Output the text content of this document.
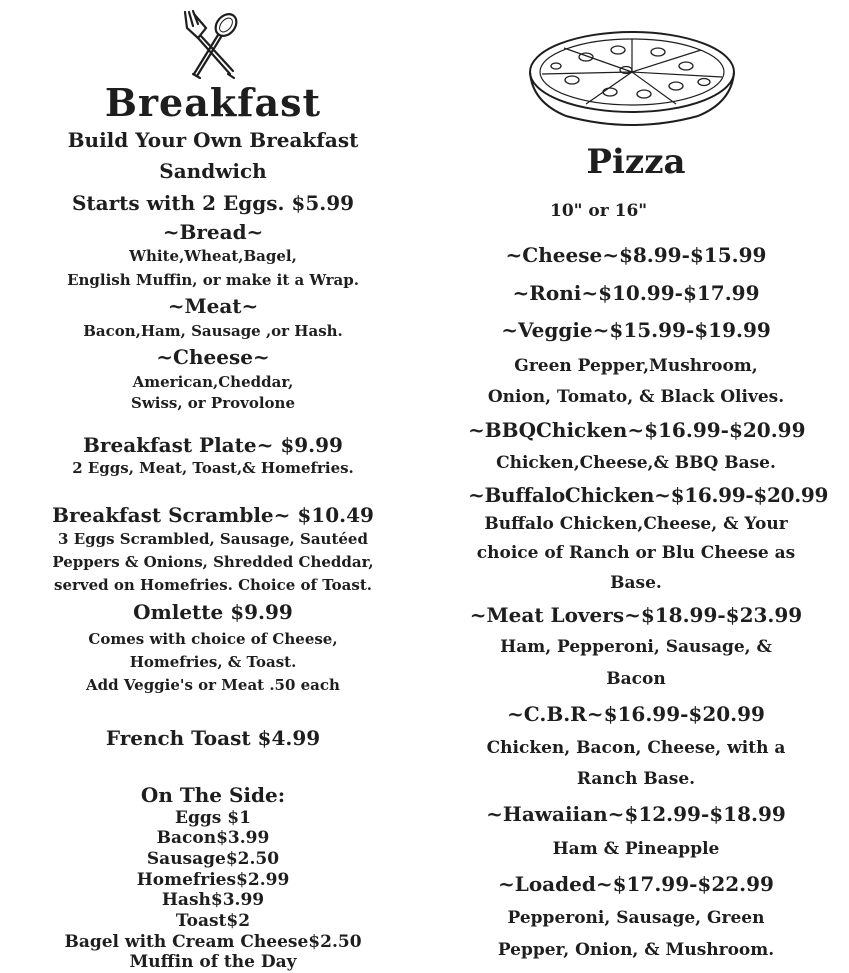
Breakfast
Build Your Own Breakfast
Sandwich
Starts with 2 Eggs. $5.99
~Bread~
White,Wheat,Bagel,
English Muffin, or make it a Wrap.
~Meat~
Bacon,Ham, Sausage ,or Hash.
~Cheese~
American,Cheddar,
Swiss, or Provolone
Breakfast Plate~ $9.99
2 Eggs, Meat, Toast,& Homefries.
Breakfast Scramble~ $10.49
3 Eggs Scrambled, Sausage, Sautéed
Peppers & Onions, Shredded Cheddar,
served on Homefries. Choice of Toast.
Omlette $9.99
Comes with choice of Cheese,
Homefries, & Toast.
Add Veggie's or Meat .50 each
French Toast $4.99
On The Side:
Eggs $1
Bacon$3.99
Sausage$2.50
Homefries$2.99
Hash$3.99
Toast$2
Bagel with Cream Cheese$2.50
Muffin of the Day
Pizza
10" or 16"
~Cheese~$8.99-$15.99
~Roni~$10.99-$17.99
~Veggie~$15.99-$19.99
Green Pepper,Mushroom,
Onion, Tomato, & Black Olives.
~BBQChicken~$16.99-$20.99
Chicken,Cheese,& BBQ Base.
~BuffaloChicken~$16.99-$20.99
Buffalo Chicken,Cheese, & Your
choice of Ranch or Blu Cheese as
Base.
~Meat Lovers~$18.99-$23.99
Ham, Pepperoni, Sausage, &
Bacon
~C.B.R~$16.99-$20.99
Chicken, Bacon, Cheese, with a
Ranch Base.
~Hawaiian~$12.99-$18.99
Ham & Pineapple
~Loaded~$17.99-$22.99
Pepperoni, Sausage, Green
Pepper, Onion, & Mushroom.
